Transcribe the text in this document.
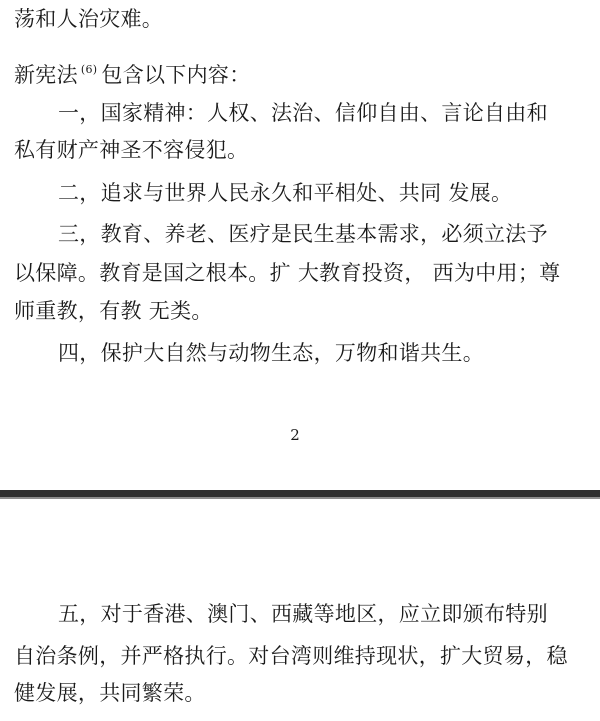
荡和人治灾难。
新宪法 $^{(6)}$ 包含以下内容：
一，国家精神：人权、法治、信仰自由、言论自由和
私有财产神圣不容侵犯。
二，追求与世界人民永久和平相处、共同 发展。
三，教育、养老、医疗是民生基本需求，必须立法予
以保障。教育是国之根本。扩 大教育投资， 西为中用；尊
师重教，有教 无类。
四，保护大自然与动物生态，万物和谐共生。
2
五，对于香港、澳门、西藏等地区，应立即颁布特别
自治条例，并严格执行。对台湾则维持现状，扩大贸易，稳
健发展，共同繁荣。
